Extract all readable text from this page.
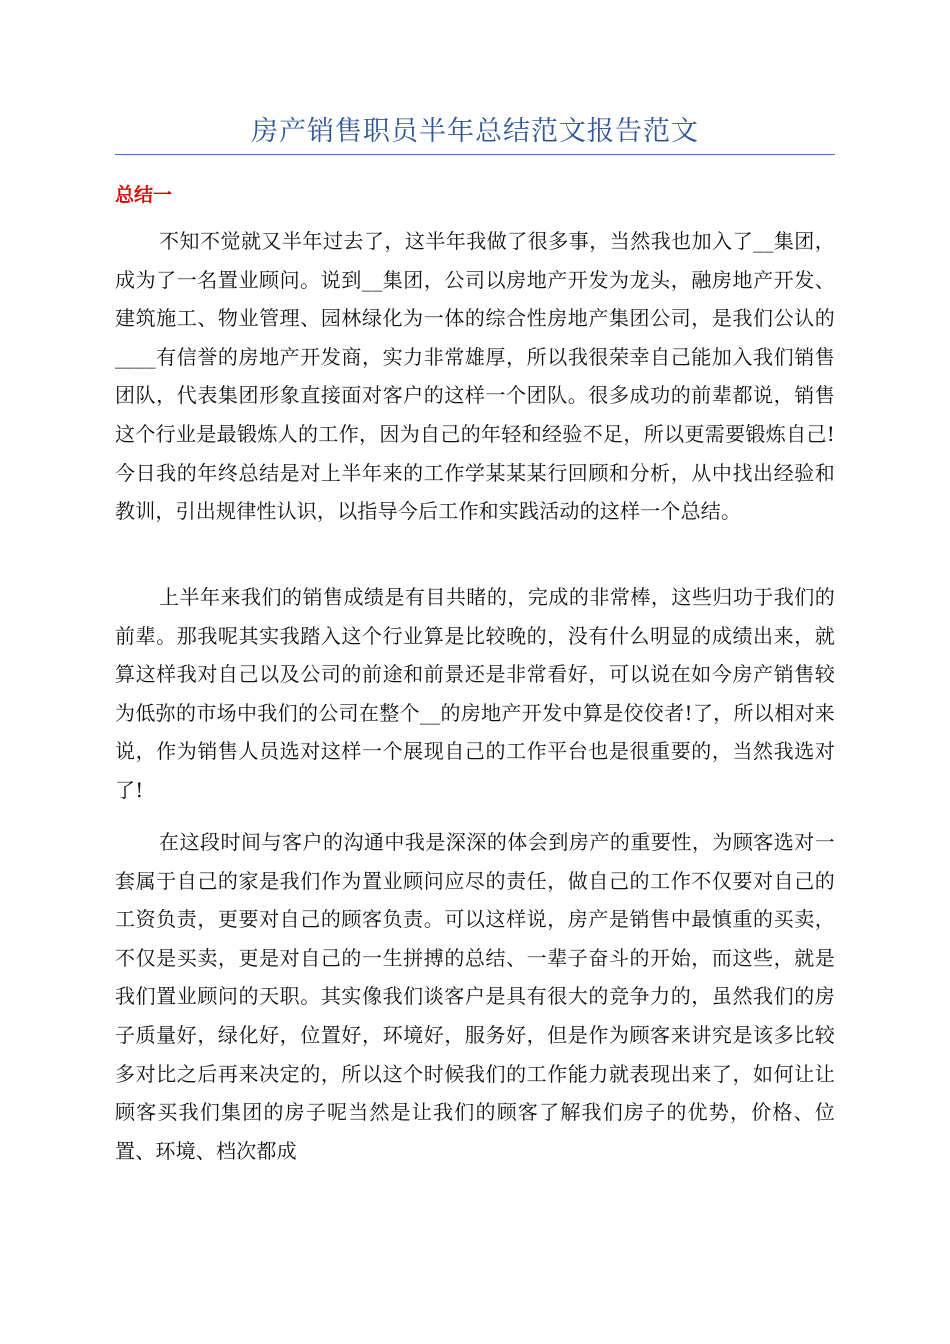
房产销售职员半年总结范文报告范文
总结一

不知不觉就又半年过去了，这半年我做了很多事，当然我也加入了__集团，成为了一名置业顾问。说到__集团，公司以房地产开发为龙头，融房地产开发、建筑施工、物业管理、园林绿化为一体的综合性房地产集团公司，是我们公认的____有信誉的房地产开发商，实力非常雄厚，所以我很荣幸自己能加入我们销售团队，代表集团形象直接面对客户的这样一个团队。很多成功的前辈都说，销售这个行业是最锻炼人的工作，因为自己的年轻和经验不足，所以更需要锻炼自己!今日我的年终总结是对上半年来的工作学某某某行回顾和分析，从中找出经验和教训，引出规律性认识，以指导今后工作和实践活动的这样一个总结。

上半年来我们的销售成绩是有目共睹的，完成的非常棒，这些归功于我们的前辈。那我呢其实我踏入这个行业算是比较晚的，没有什么明显的成绩出来，就算这样我对自己以及公司的前途和前景还是非常看好，可以说在如今房产销售较为低弥的市场中我们的公司在整个__的房地产开发中算是佼佼者!了，所以相对来说，作为销售人员选对这样一个展现自己的工作平台也是很重要的，当然我选对了!

在这段时间与客户的沟通中我是深深的体会到房产的重要性，为顾客选对一套属于自己的家是我们作为置业顾问应尽的责任，做自己的工作不仅要对自己的工资负责，更要对自己的顾客负责。可以这样说，房产是销售中最慎重的买卖，不仅是买卖，更是对自己的一生拼搏的总结、一辈子奋斗的开始，而这些，就是我们置业顾问的天职。其实像我们谈客户是具有很大的竞争力的，虽然我们的房子质量好，绿化好，位置好，环境好，服务好，但是作为顾客来讲究是该多比较多对比之后再来决定的，所以这个时候我们的工作能力就表现出来了，如何让让顾客买我们集团的房子呢当然是让我们的顾客了解我们房子的优势，价格、位置、环境、档次都成
